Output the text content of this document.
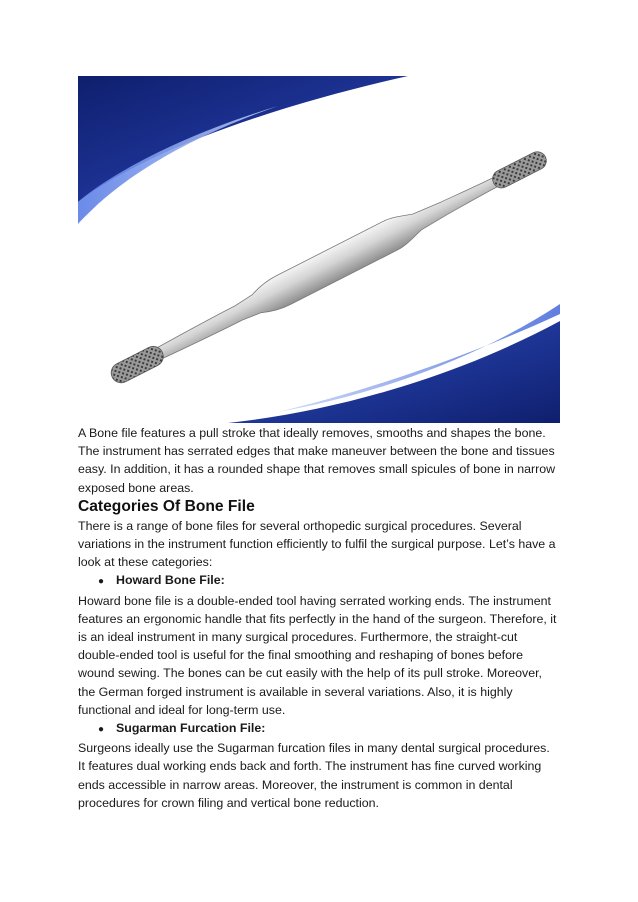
A Bone file features a pull stroke that ideally removes, smooths and shapes the bone. The instrument has serrated edges that make maneuver between the bone and tissues easy. In addition, it has a rounded shape that removes small spicules of bone in narrow exposed bone areas.

Categories Of Bone File

There is a range of bone files for several orthopedic surgical procedures. Several variations in the instrument function efficiently to fulfil the surgical purpose. Let’s have a look at these categories:

● Howard Bone File:

Howard bone file is a double-ended tool having serrated working ends. The instrument features an ergonomic handle that fits perfectly in the hand of the surgeon. Therefore, it is an ideal instrument in many surgical procedures. Furthermore, the straight-cut double-ended tool is useful for the final smoothing and reshaping of bones before wound sewing. The bones can be cut easily with the help of its pull stroke. Moreover, the German forged instrument is available in several variations. Also, it is highly functional and ideal for long-term use.

● Sugarman Furcation File:

Surgeons ideally use the Sugarman furcation files in many dental surgical procedures. It features dual working ends back and forth. The instrument has fine curved working ends accessible in narrow areas. Moreover, the instrument is common in dental procedures for crown filing and vertical bone reduction.
